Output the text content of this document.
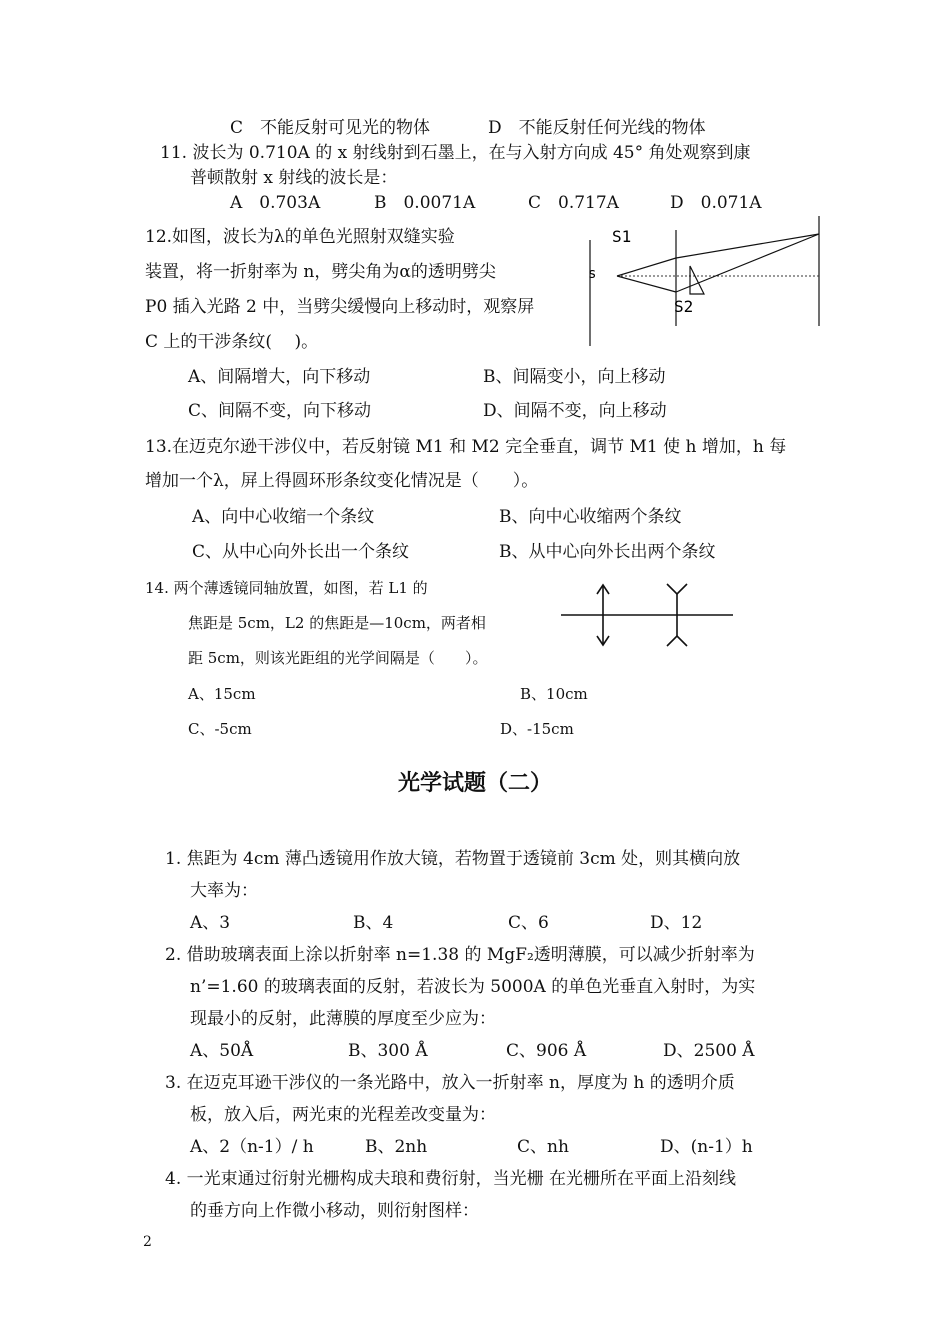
C　不能反射可见光的物体	D　不能反射任何光线的物体
11. 波长为 0.710A 的 x 射线射到石墨上，在与入射方向成 45° 角处观察到康
普顿散射 x 射线的波长是：
A　0.703A	B　0.0071A	C　0.717A	D　0.071A
12.如图，波长为λ的单色光照射双缝实验
装置，将一折射率为 n，劈尖角为α的透明劈尖
P0 插入光路 2 中，当劈尖缓慢向上移动时，观察屏
C 上的干涉条纹(　 )。
A、间隔增大，向下移动	B、间隔变小，向上移动
C、间隔不变，向下移动	D、间隔不变，向上移动
S1
s
S2
13.在迈克尔逊干涉仪中，若反射镜 M1 和 M2 完全垂直，调节 M1 使 h 增加，h 每
增加一个λ，屏上得圆环形条纹变化情况是（　　）。
A、向中心收缩一个条纹	B、向中心收缩两个条纹
C、从中心向外长出一个条纹	B、从中心向外长出两个条纹
14. 两个薄透镜同轴放置，如图，若 L1 的
焦距是 5cm，L2 的焦距是—10cm，两者相
距 5cm，则该光距组的光学间隔是（　　）。
A、15cm	B、10cm
C、-5cm	D、-15cm
光学试题（二）
1. 焦距为 4cm 薄凸透镜用作放大镜，若物置于透镜前 3cm 处，则其横向放
大率为：
A、3	B、4	C、6	D、12
2. 借助玻璃表面上涂以折射率 n=1.38 的 MgF₂透明薄膜，可以减少折射率为
n’=1.60 的玻璃表面的反射，若波长为 5000A 的单色光垂直入射时，为实
现最小的反射，此薄膜的厚度至少应为：
A、50Å	B、300 Å	C、906 Å	D、2500 Å
3. 在迈克耳逊干涉仪的一条光路中，放入一折射率 n，厚度为 h 的透明介质
板，放入后，两光束的光程差改变量为：
A、2（n-1）/ h	B、2nh	C、nh	D、(n-1）h
4. 一光束通过衍射光栅构成夫琅和费衍射，当光栅 在光栅所在平面上沿刻线
的垂方向上作微小移动，则衍射图样：
2
